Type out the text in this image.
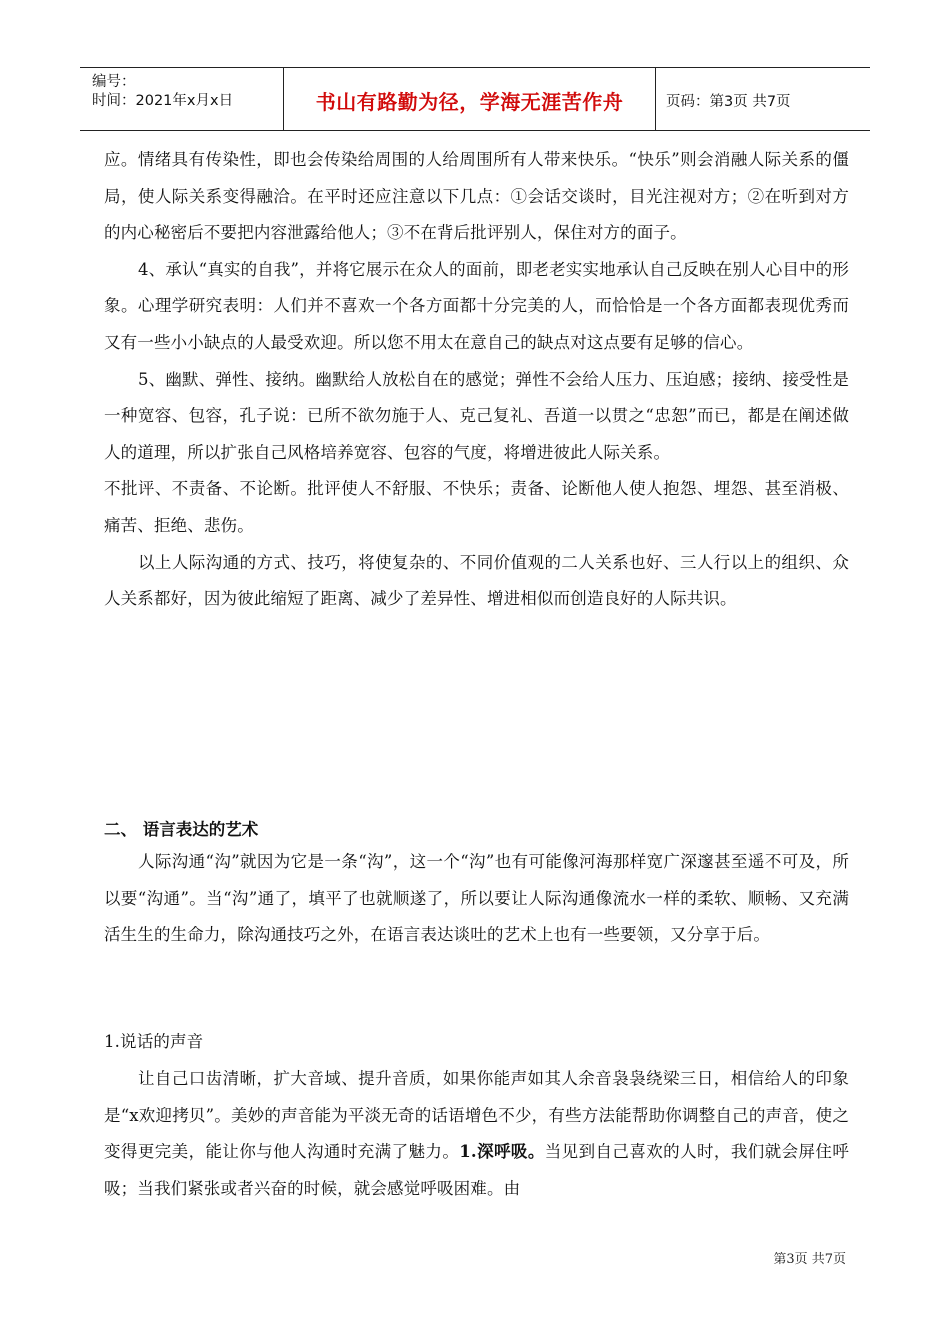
编号：
时间：2021年x月x日	书山有路勤为径，学海无涯苦作舟	页码：第3页 共7页

应。情绪具有传染性，即也会传染给周围的人给周围所有人带来快乐。“快乐”则会消融人际关系的僵局，使人际关系变得融洽。在平时还应注意以下几点：①会话交谈时，目光注视对方；②在听到对方的内心秘密后不要把内容泄露给他人；③不在背后批评别人，保住对方的面子。

4、承认“真实的自我”，并将它展示在众人的面前，即老老实实地承认自己反映在别人心目中的形象。心理学研究表明：人们并不喜欢一个各方面都十分完美的人，而恰恰是一个各方面都表现优秀而又有一些小小缺点的人最受欢迎。所以您不用太在意自己的缺点对这点要有足够的信心。

5、幽默、弹性、接纳。幽默给人放松自在的感觉；弹性不会给人压力、压迫感；接纳、接受性是一种宽容、包容，孔子说：已所不欲勿施于人、克己复礼、吾道一以贯之“忠恕”而已，都是在阐述做人的道理，所以扩张自己风格培养宽容、包容的气度，将增进彼此人际关系。

不批评、不责备、不论断。批评使人不舒服、不快乐；责备、论断他人使人抱怨、埋怨、甚至消极、痛苦、拒绝、悲伤。

以上人际沟通的方式、技巧，将使复杂的、不同价值观的二人关系也好、三人行以上的组织、众人关系都好，因为彼此缩短了距离、减少了差异性、增进相似而创造良好的人际共识。

二、 语言表达的艺术

人际沟通“沟”就因为它是一条“沟”，这一个“沟”也有可能像河海那样宽广深邃甚至遥不可及，所以要“沟通”。当“沟”通了，填平了也就顺遂了，所以要让人际沟通像流水一样的柔软、顺畅、又充满活生生的生命力，除沟通技巧之外，在语言表达谈吐的艺术上也有一些要领，又分享于后。

1.说话的声音

让自己口齿清晰，扩大音域、提升音质，如果你能声如其人余音袅袅绕梁三日，相信给人的印象是“x欢迎拷贝”。美妙的声音能为平淡无奇的话语增色不少，有些方法能帮助你调整自己的声音，使之变得更完美，能让你与他人沟通时充满了魅力。1.深呼吸。当见到自己喜欢的人时，我们就会屏住呼吸；当我们紧张或者兴奋的时候，就会感觉呼吸困难。由

第3页 共7页
